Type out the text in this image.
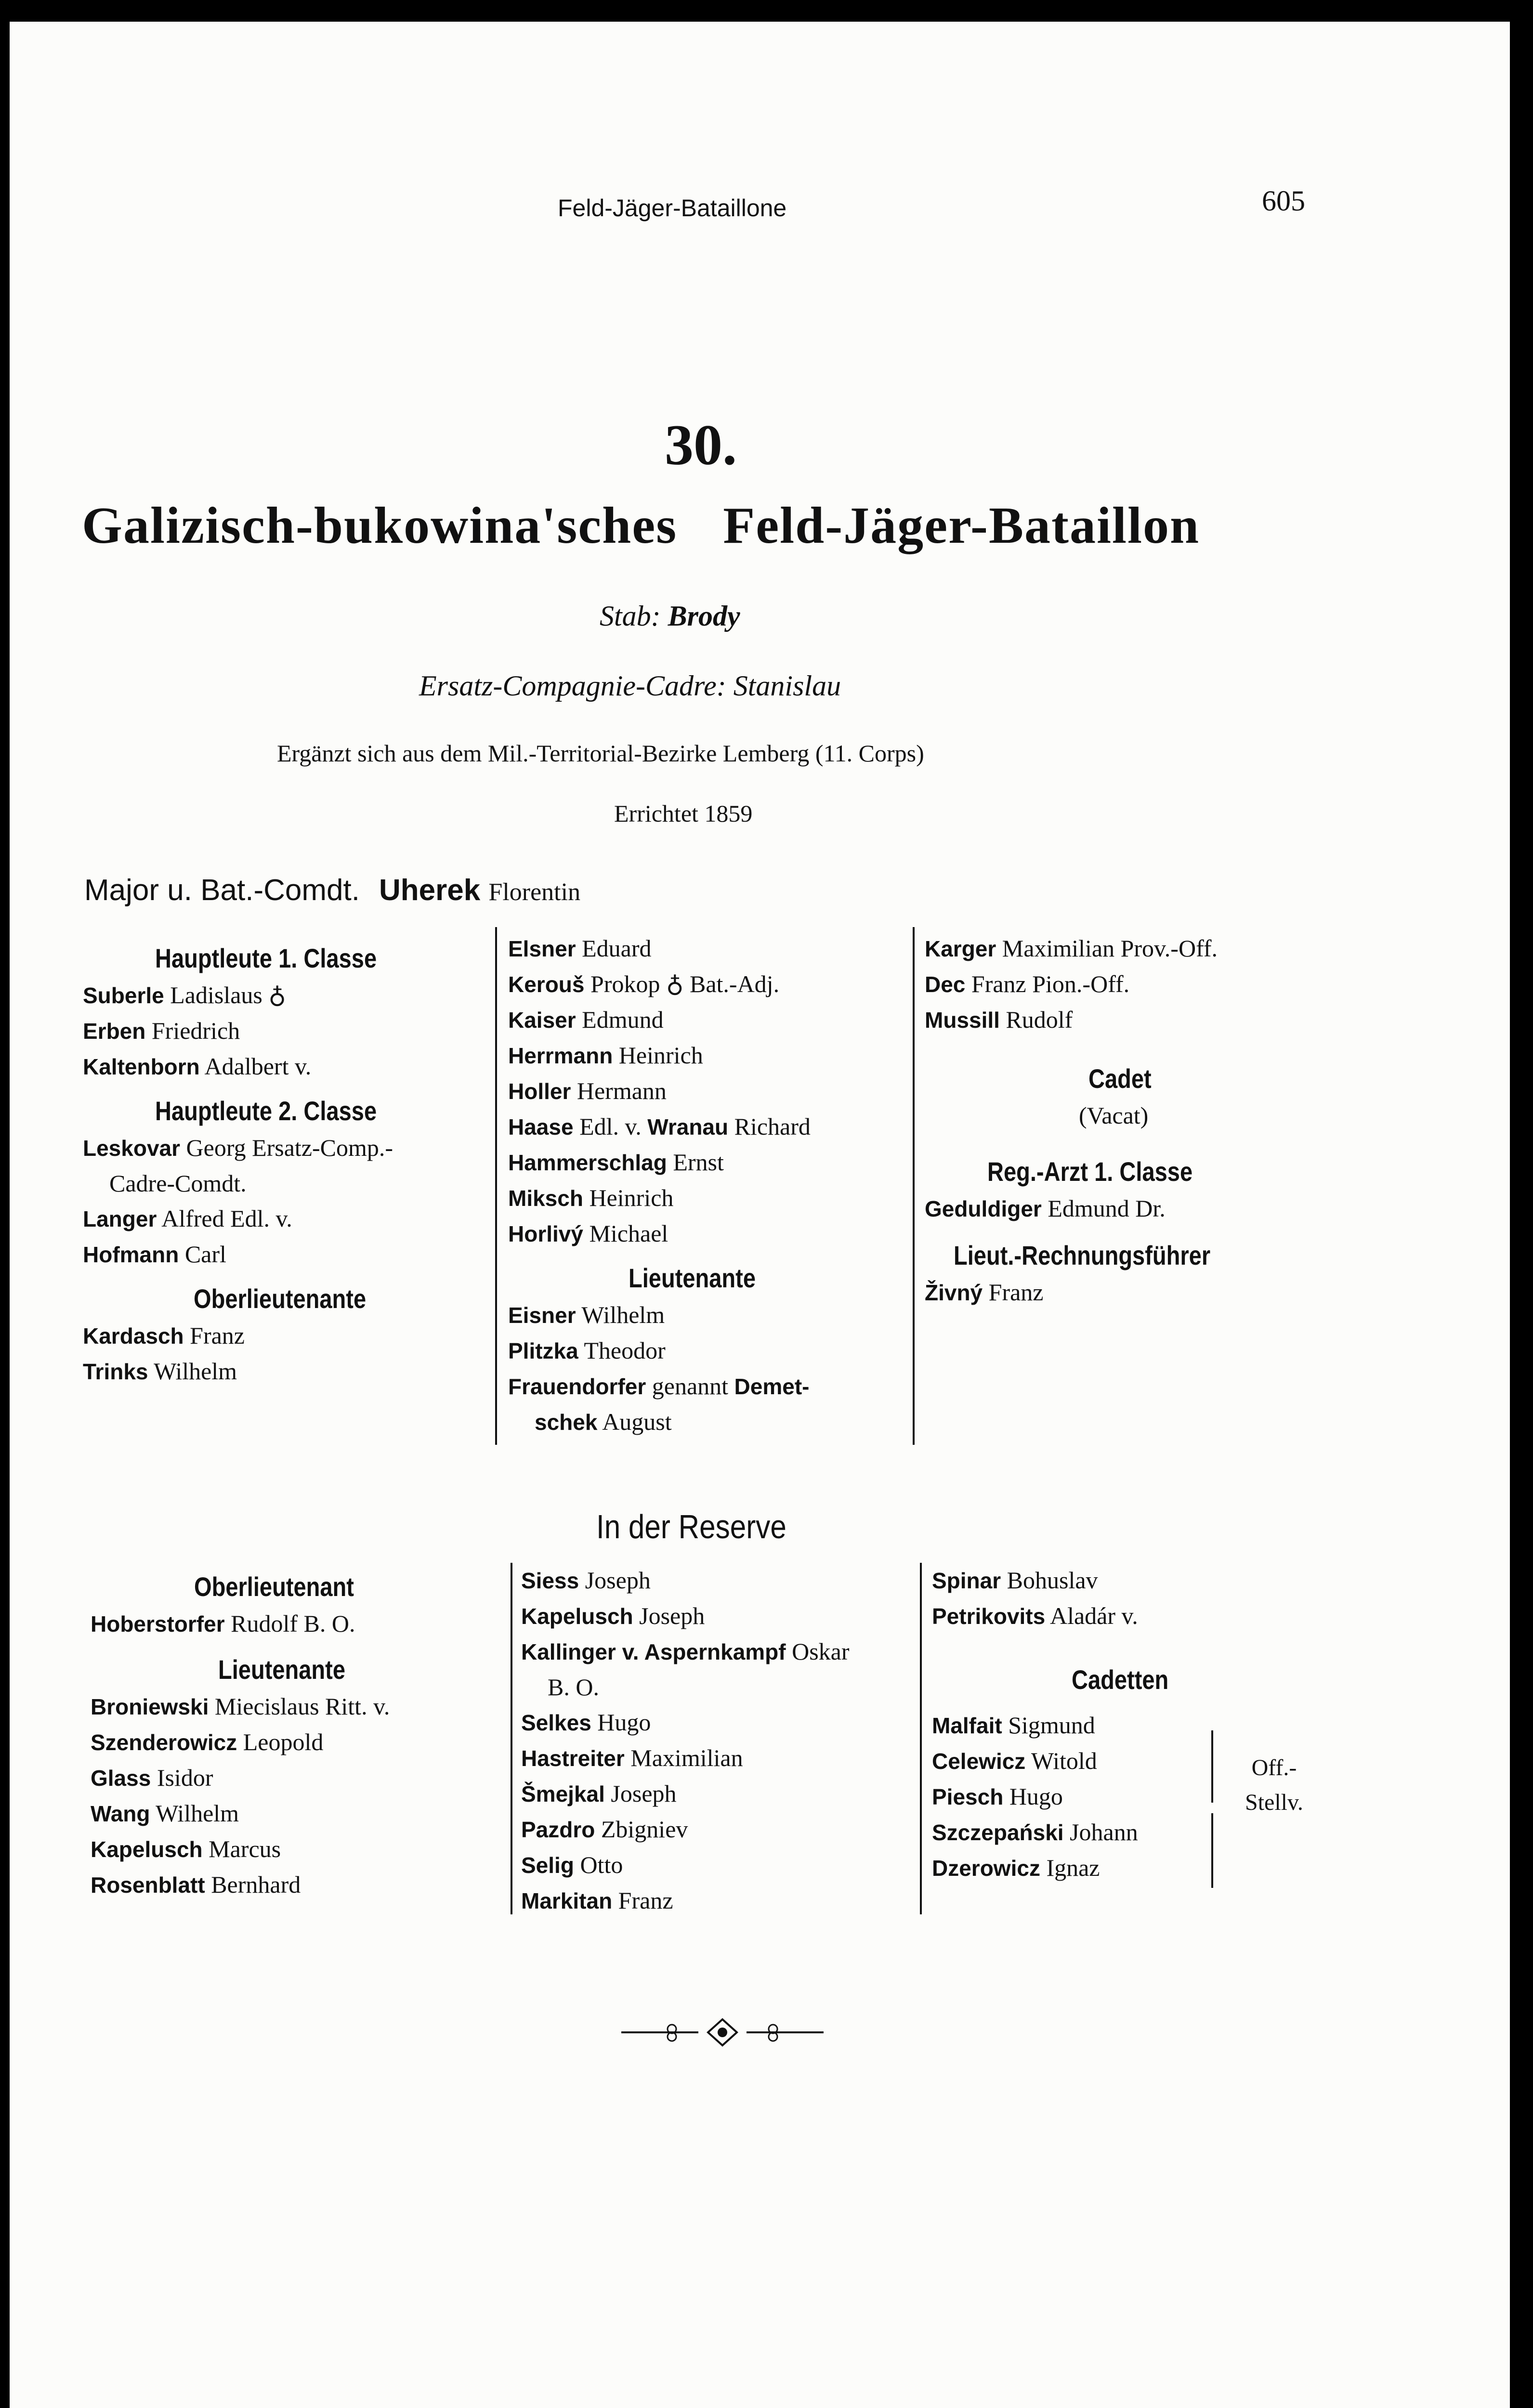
Feld-Jäger-Bataillone	605
30.
Galizisch-bukowina'sches Feld-Jäger-Bataillon
Stab: Brody
Ersatz-Compagnie-Cadre: Stanislau
Ergänzt sich aus dem Mil.-Territorial-Bezirke Lemberg (11. Corps)
Errichtet 1859
Major u. Bat.-Comdt. Uherek Florentin
Hauptleute 1. Classe
Suberle Ladislaus ♁
Erben Friedrich
Kaltenborn Adalbert v.
Hauptleute 2. Classe
Leskovar Georg Ersatz-Comp.-
Cadre-Comdt.
Langer Alfred Edl. v.
Hofmann Carl
Oberlieutenante
Kardasch Franz
Trinks Wilhelm
Elsner Eduard
Kerouš Prokop ♁ Bat.-Adj.
Kaiser Edmund
Herrmann Heinrich
Holler Hermann
Haase Edl. v. Wranau Richard
Hammerschlag Ernst
Miksch Heinrich
Horlivý Michael
Lieutenante
Eisner Wilhelm
Plitzka Theodor
Frauendorfer genannt Demet-
schek August
Karger Maximilian Prov.-Off.
Dec Franz Pion.-Off.
Mussill Rudolf
Cadet
(Vacat)
Reg.-Arzt 1. Classe
Geduldiger Edmund Dr.
Lieut.-Rechnungsführer
Živný Franz
In der Reserve
Oberlieutenant
Hoberstorfer Rudolf B. O.
Lieutenante
Broniewski Miecislaus Ritt. v.
Szenderowicz Leopold
Glass Isidor
Wang Wilhelm
Kapelusch Marcus
Rosenblatt Bernhard
Siess Joseph
Kapelusch Joseph
Kallinger v. Aspernkampf Oskar
B. O.
Selkes Hugo
Hastreiter Maximilian
Šmejkal Joseph
Pazdro Zbigniev
Selig Otto
Markitan Franz
Spinar Bohuslav
Petrikovits Aladár v.
Cadetten
Malfait Sigmund
Celewicz Witold
Piesch Hugo
Szczepański Johann
Dzerowicz Ignaz
Off.-
Stellv.
